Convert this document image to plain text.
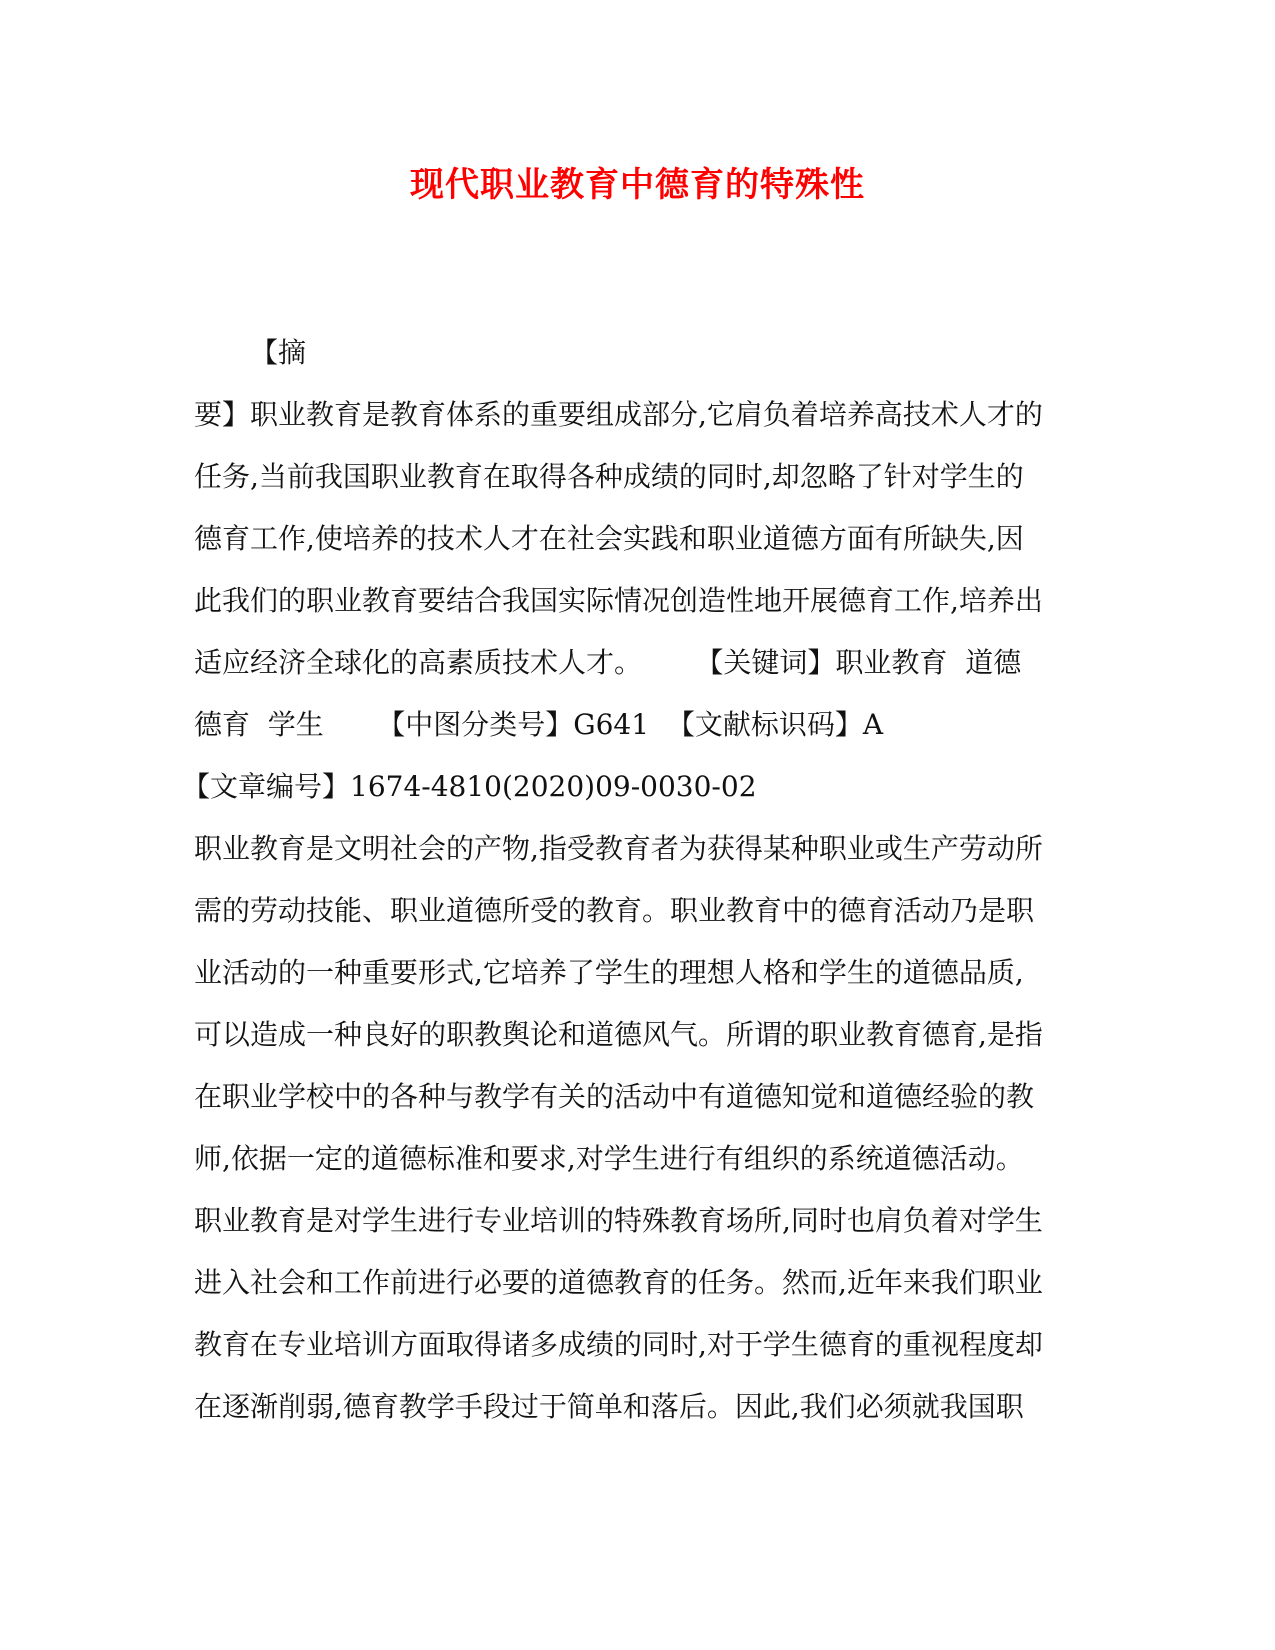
现代职业教育中德育的特殊性
【摘
要】职业教育是教育体系的重要组成部分,它肩负着培养高技术人才的
任务,当前我国职业教育在取得各种成绩的同时,却忽略了针对学生的
德育工作,使培养的技术人才在社会实践和职业道德方面有所缺失,因
此我们的职业教育要结合我国实际情况创造性地开展德育工作,培养出
适应经济全球化的高素质技术人才。      【关键词】职业教育  道德
德育  学生      【中图分类号】G641  【文献标识码】A
【文章编号】1674-4810(2020)09-0030-02
职业教育是文明社会的产物,指受教育者为获得某种职业或生产劳动所
需的劳动技能、职业道德所受的教育。职业教育中的德育活动乃是职
业活动的一种重要形式,它培养了学生的理想人格和学生的道德品质,
可以造成一种良好的职教舆论和道德风气。所谓的职业教育德育,是指
在职业学校中的各种与教学有关的活动中有道德知觉和道德经验的教
师,依据一定的道德标准和要求,对学生进行有组织的系统道德活动。
职业教育是对学生进行专业培训的特殊教育场所,同时也肩负着对学生
进入社会和工作前进行必要的道德教育的任务。然而,近年来我们职业
教育在专业培训方面取得诸多成绩的同时,对于学生德育的重视程度却
在逐渐削弱,德育教学手段过于简单和落后。因此,我们必须就我国职
